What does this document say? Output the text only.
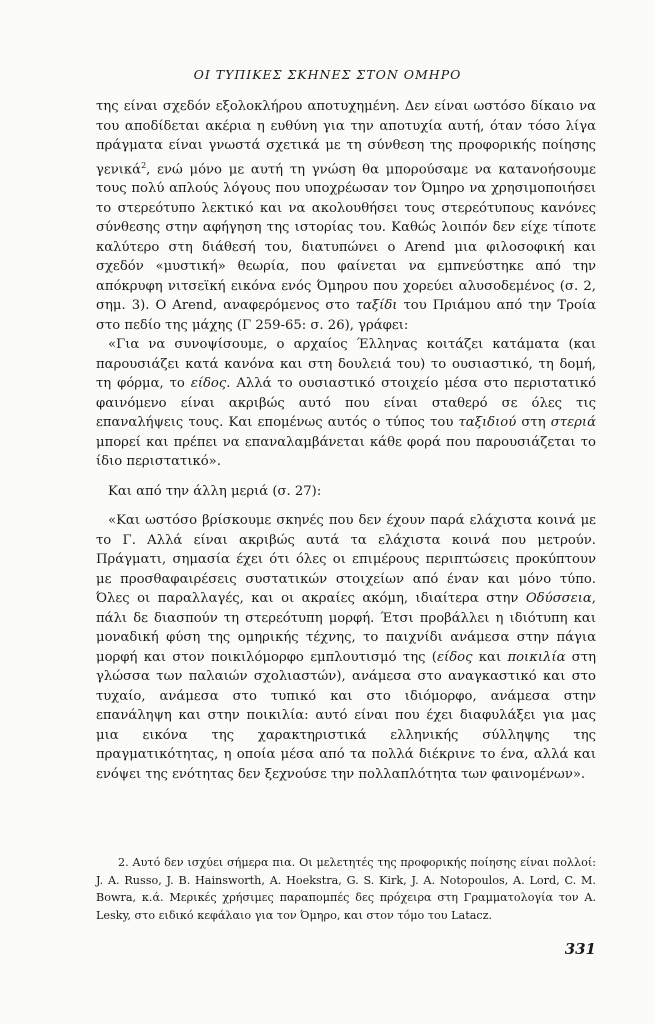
ΟΙ ΤΥΠΙΚΕΣ ΣΚΗΝΕΣ ΣΤΟΝ ΟΜΗΡΟ

της είναι σχεδόν εξολοκλήρου αποτυχημένη. Δεν είναι ωστόσο δίκαιο να του αποδίδεται ακέρια η ευθύνη για την αποτυχία αυτή, όταν τόσο λίγα πράγματα είναι γνωστά σχετικά με τη σύνθεση της προφορικής ποίησης γενικά$^2$, ενώ μόνο με αυτή τη γνώση θα μπορούσαμε να κατανοήσουμε τους πολύ απλούς λόγους που υποχρέωσαν τον Όμηρο να χρησιμοποιήσει το στερεότυπο λεκτικό και να ακολουθήσει τους στερεότυπους κανόνες σύνθεσης στην αφήγηση της ιστορίας του. Καθώς λοιπόν δεν είχε τίποτε καλύτερο στη διάθεσή του, διατυπώνει ο Arend μια φιλοσοφική και σχεδόν «μυστική» θεωρία, που φαίνεται να εμπνεύστηκε από την απόκρυφη νιτσεϊκή εικόνα ενός Όμηρου που χορεύει αλυσοδεμένος (σ. 2, σημ. 3). Ο Arend, αναφερόμενος στο ταξίδι του Πριάμου από την Τροία στο πεδίο της μάχης (Γ 259-65: σ. 26), γράφει:

«Για να συνοψίσουμε, ο αρχαίος Έλληνας κοιτάζει κατάματα (και παρουσιάζει κατά κανόνα και στη δουλειά του) το ουσιαστικό, τη δομή, τη φόρμα, το είδος. Αλλά το ουσιαστικό στοιχείο μέσα στο περιστατικό φαινόμενο είναι ακριβώς αυτό που είναι σταθερό σε όλες τις επαναλήψεις τους. Και επομένως αυτός ο τύπος του ταξιδιού στη στεριά μπορεί και πρέπει να επαναλαμβάνεται κάθε φορά που παρουσιάζεται το ίδιο περιστατικό».

Και από την άλλη μεριά (σ. 27):

«Και ωστόσο βρίσκουμε σκηνές που δεν έχουν παρά ελάχιστα κοινά με το Γ. Αλλά είναι ακριβώς αυτά τα ελάχιστα κοινά που μετρούν. Πράγματι, σημασία έχει ότι όλες οι επιμέρους περιπτώσεις προκύπτουν με προσθαφαιρέσεις συστατικών στοιχείων από έναν και μόνο τύπο. Όλες οι παραλλαγές, και οι ακραίες ακόμη, ιδιαίτερα στην Οδύσσεια, πάλι δε διασπούν τη στερεότυπη μορφή. Έτσι προβάλλει η ιδιότυπη και μοναδική φύση της ομηρικής τέχνης, το παιχνίδι ανάμεσα στην πάγια μορφή και στον ποικιλόμορφο εμπλουτισμό της (είδος και ποικιλία στη γλώσσα των παλαιών σχολιαστών), ανάμεσα στο αναγκαστικό και στο τυχαίο, ανάμεσα στο τυπικό και στο ιδιόμορφο, ανάμεσα στην επανάληψη και στην ποικιλία: αυτό είναι που έχει διαφυλάξει για μας μια εικόνα της χαρακτηριστικά ελληνικής σύλληψης της πραγματικότητας, η οποία μέσα από τα πολλά διέκρινε το ένα, αλλά και ενόψει της ενότητας δεν ξεχνούσε την πολλαπλότητα των φαινομένων».

2. Αυτό δεν ισχύει σήμερα πια. Οι μελετητές της προφορικής ποίησης είναι πολλοί: J. A. Russo, J. B. Hainsworth, A. Hoekstra, G. S. Kirk, J. A. Notopoulos, A. Lord, C. M. Bowra, κ.ά. Μερικές χρήσιμες παραπομπές δες πρόχειρα στη Γραμματολογία τον A. Lesky, στο ειδικό κεφάλαιο για τον Όμηρο, και στον τόμο του Latacz.

331
